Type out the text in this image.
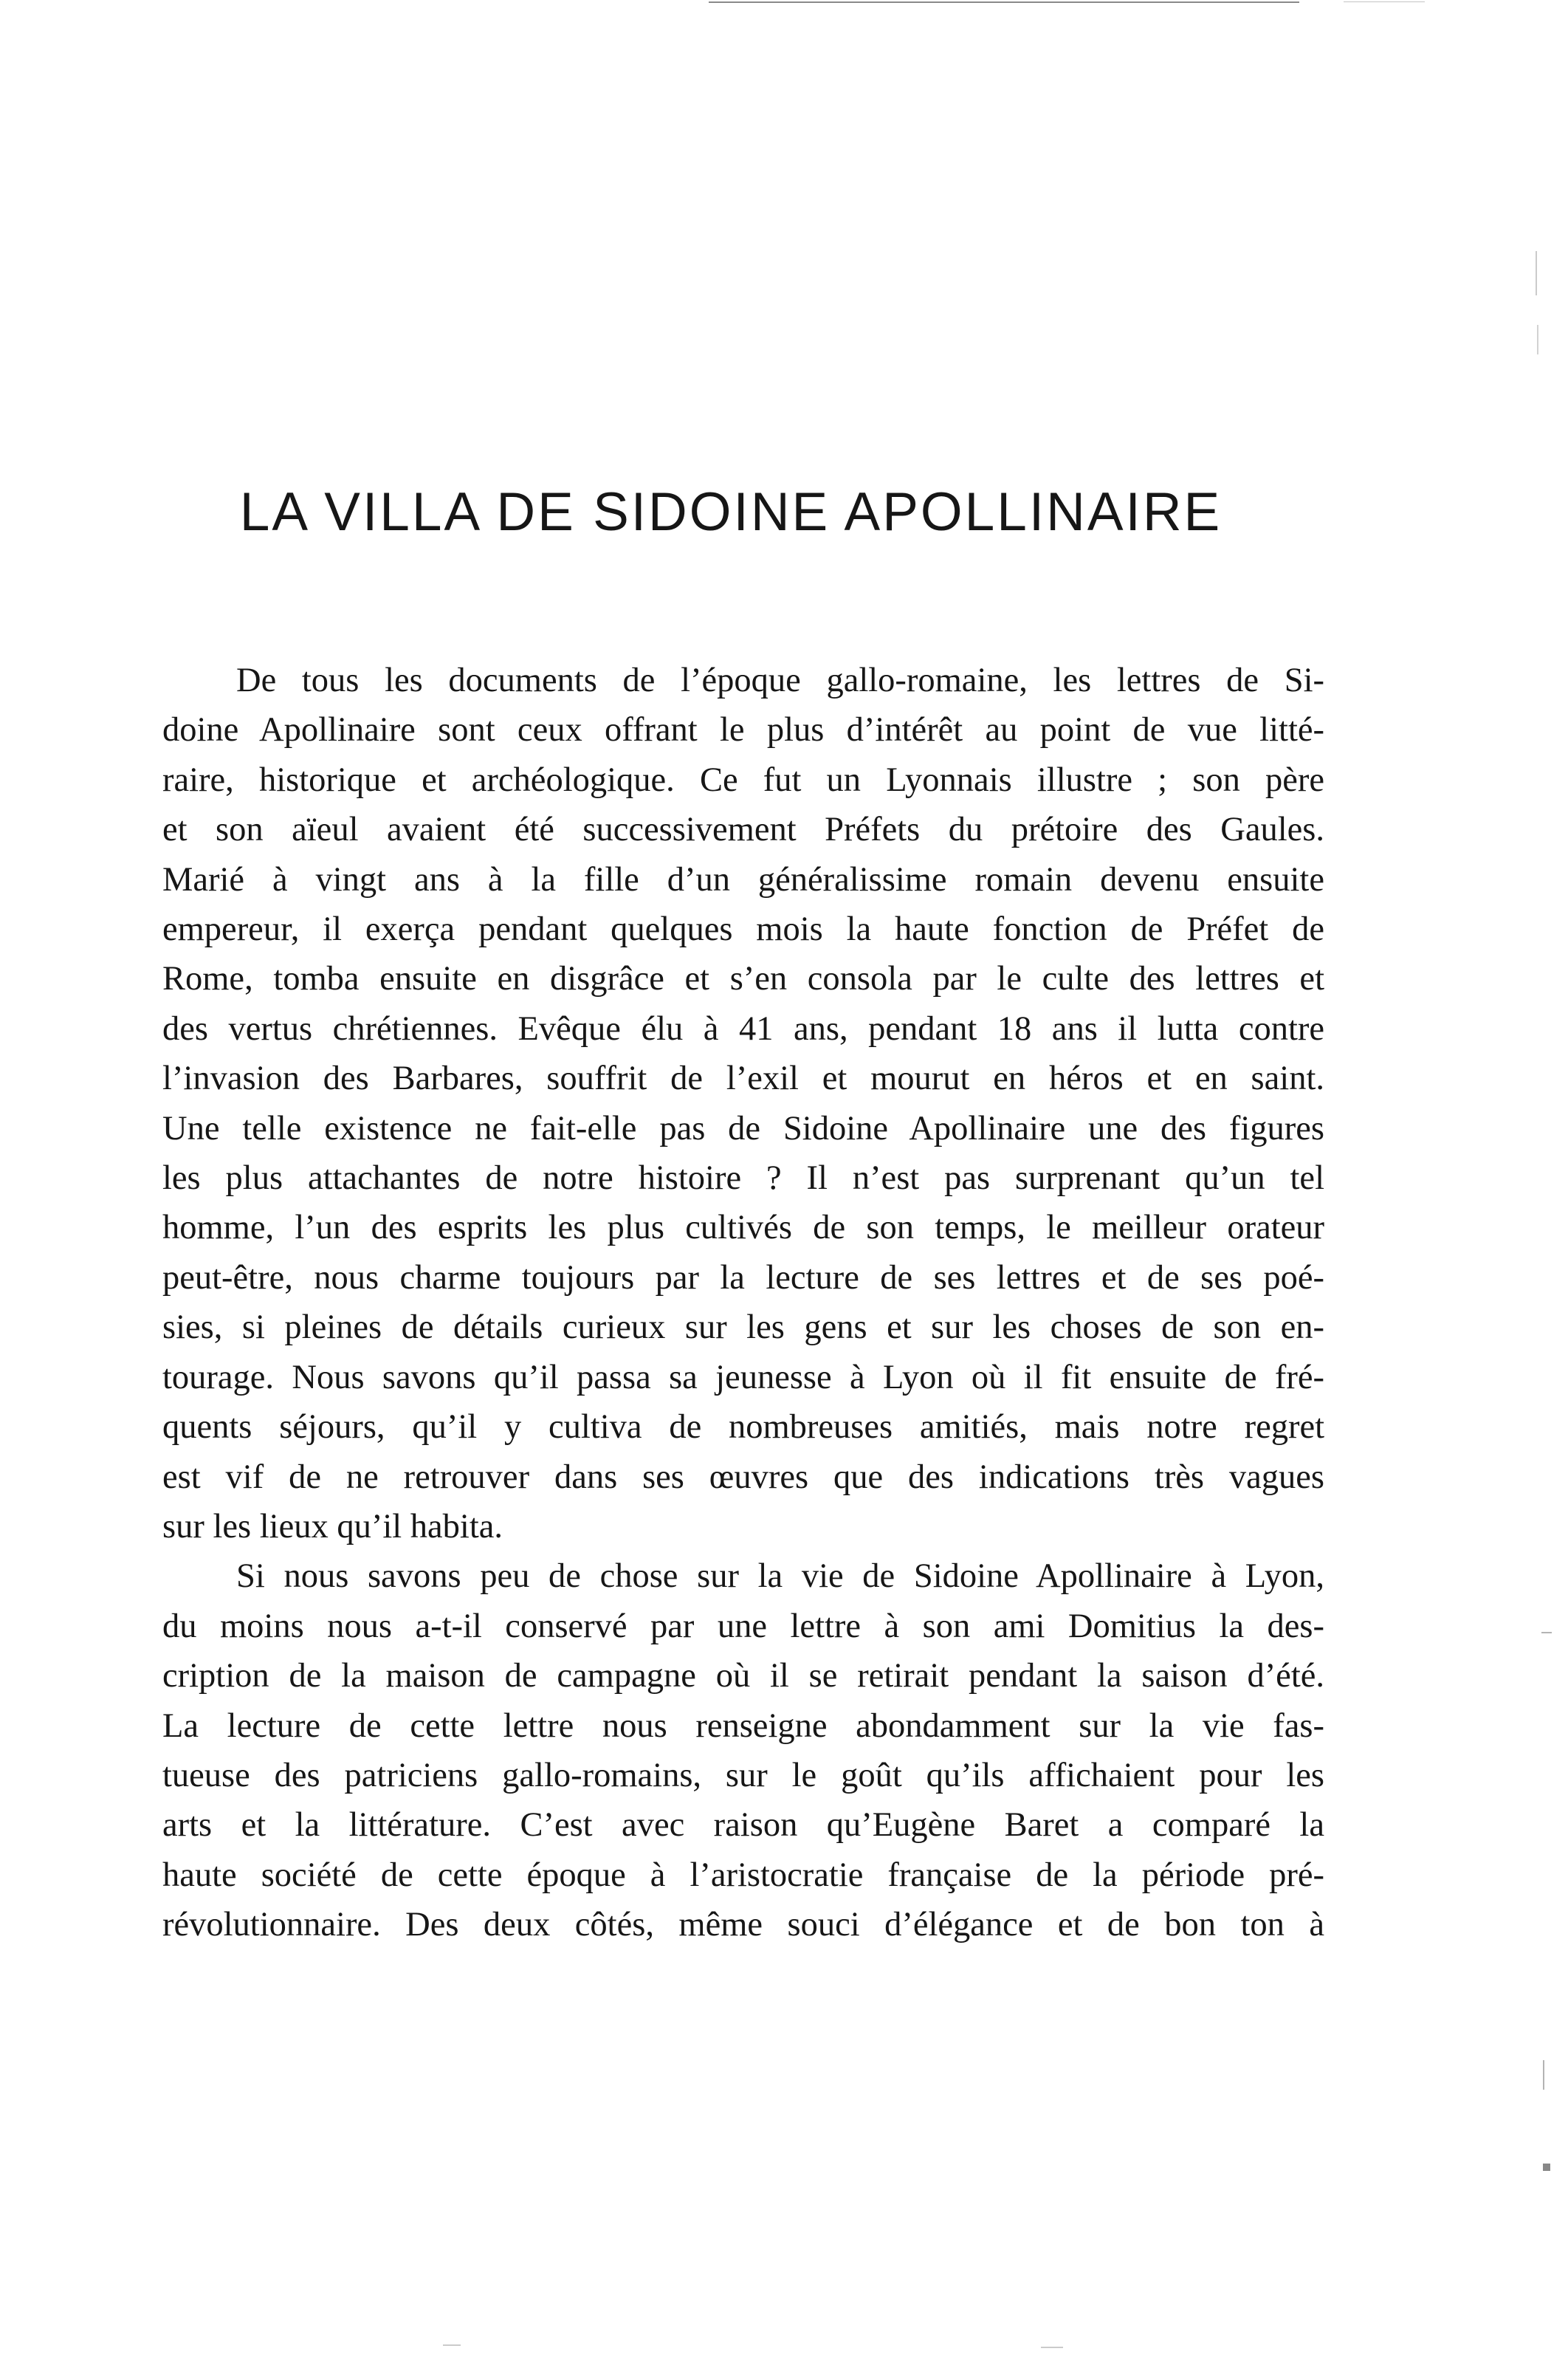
LA VILLA DE SIDOINE APOLLINAIRE

De tous les documents de l’époque gallo-romaine, les lettres de Si-
doine Apollinaire sont ceux offrant le plus d’intérêt au point de vue litté-
raire, historique et archéologique. Ce fut un Lyonnais illustre ; son père
et son aïeul avaient été successivement Préfets du prétoire des Gaules.
Marié à vingt ans à la fille d’un généralissime romain devenu ensuite
empereur, il exerça pendant quelques mois la haute fonction de Préfet de
Rome, tomba ensuite en disgrâce et s’en consola par le culte des lettres et
des vertus chrétiennes. Evêque élu à 41 ans, pendant 18 ans il lutta contre
l’invasion des Barbares, souffrit de l’exil et mourut en héros et en saint.
Une telle existence ne fait-elle pas de Sidoine Apollinaire une des figures
les plus attachantes de notre histoire ? Il n’est pas surprenant qu’un tel
homme, l’un des esprits les plus cultivés de son temps, le meilleur orateur
peut-être, nous charme toujours par la lecture de ses lettres et de ses poé-
sies, si pleines de détails curieux sur les gens et sur les choses de son en-
tourage. Nous savons qu’il passa sa jeunesse à Lyon où il fit ensuite de fré-
quents séjours, qu’il y cultiva de nombreuses amitiés, mais notre regret
est vif de ne retrouver dans ses œuvres que des indications très vagues
sur les lieux qu’il habita.

Si nous savons peu de chose sur la vie de Sidoine Apollinaire à Lyon,
du moins nous a-t-il conservé par une lettre à son ami Domitius la des-
cription de la maison de campagne où il se retirait pendant la saison d’été.
La lecture de cette lettre nous renseigne abondamment sur la vie fas-
tueuse des patriciens gallo-romains, sur le goût qu’ils affichaient pour les
arts et la littérature. C’est avec raison qu’Eugène Baret a comparé la
haute société de cette époque à l’aristocratie française de la période pré-
révolutionnaire. Des deux côtés, même souci d’élégance et de bon ton à
